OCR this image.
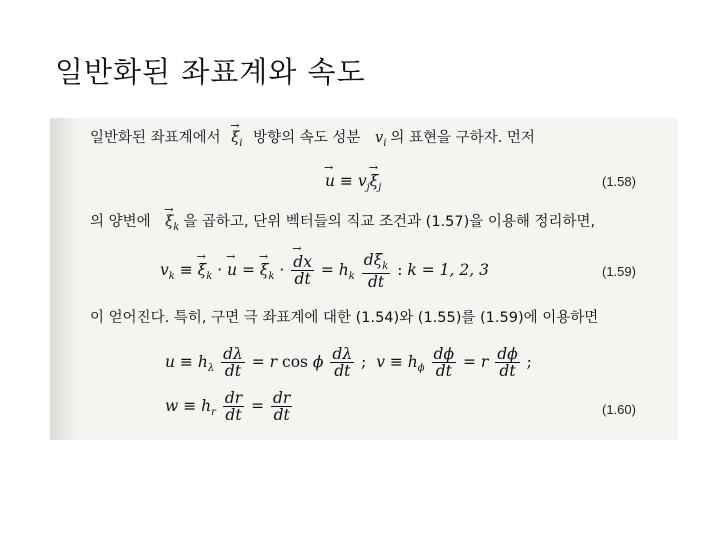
일반화된 좌표계와 속도
일반화된 좌표계에서 → $\xi_i$ 방향의 속도 성분 $v_i$ 의 표현을 구하자. 먼저
→ $u \equiv v_j\to \xi_j$	(1.58)
의 양변에 → $\xi_k$ 을 곱하고, 단위 벡터들의 직교 조건과 (1.57)을 이용해 정리하면,
$v_k$ ≡ → $\xi_k$ · → u = → $\xi_k$ · → $\frac{dx}{dt} = h_k \frac{d\xi_k}{dt}$ : k = 1, 2, 3	(1.59)
이 얻어진다. 특히, 구면 극 좌표계에 대한 (1.54)와 (1.55)를 (1.59)에 이용하면
$u \equiv h_\lambda \frac{d\lambda}{dt} = r$ cos ϕ $\frac{d\lambda}{dt}$ ;  $v \equiv h_\phi \frac{d\phi}{dt} = r \frac{d\phi}{dt}$ ;
$w \equiv h_r \frac{dr}{dt} = \frac{dr}{dt}$	(1.60)
